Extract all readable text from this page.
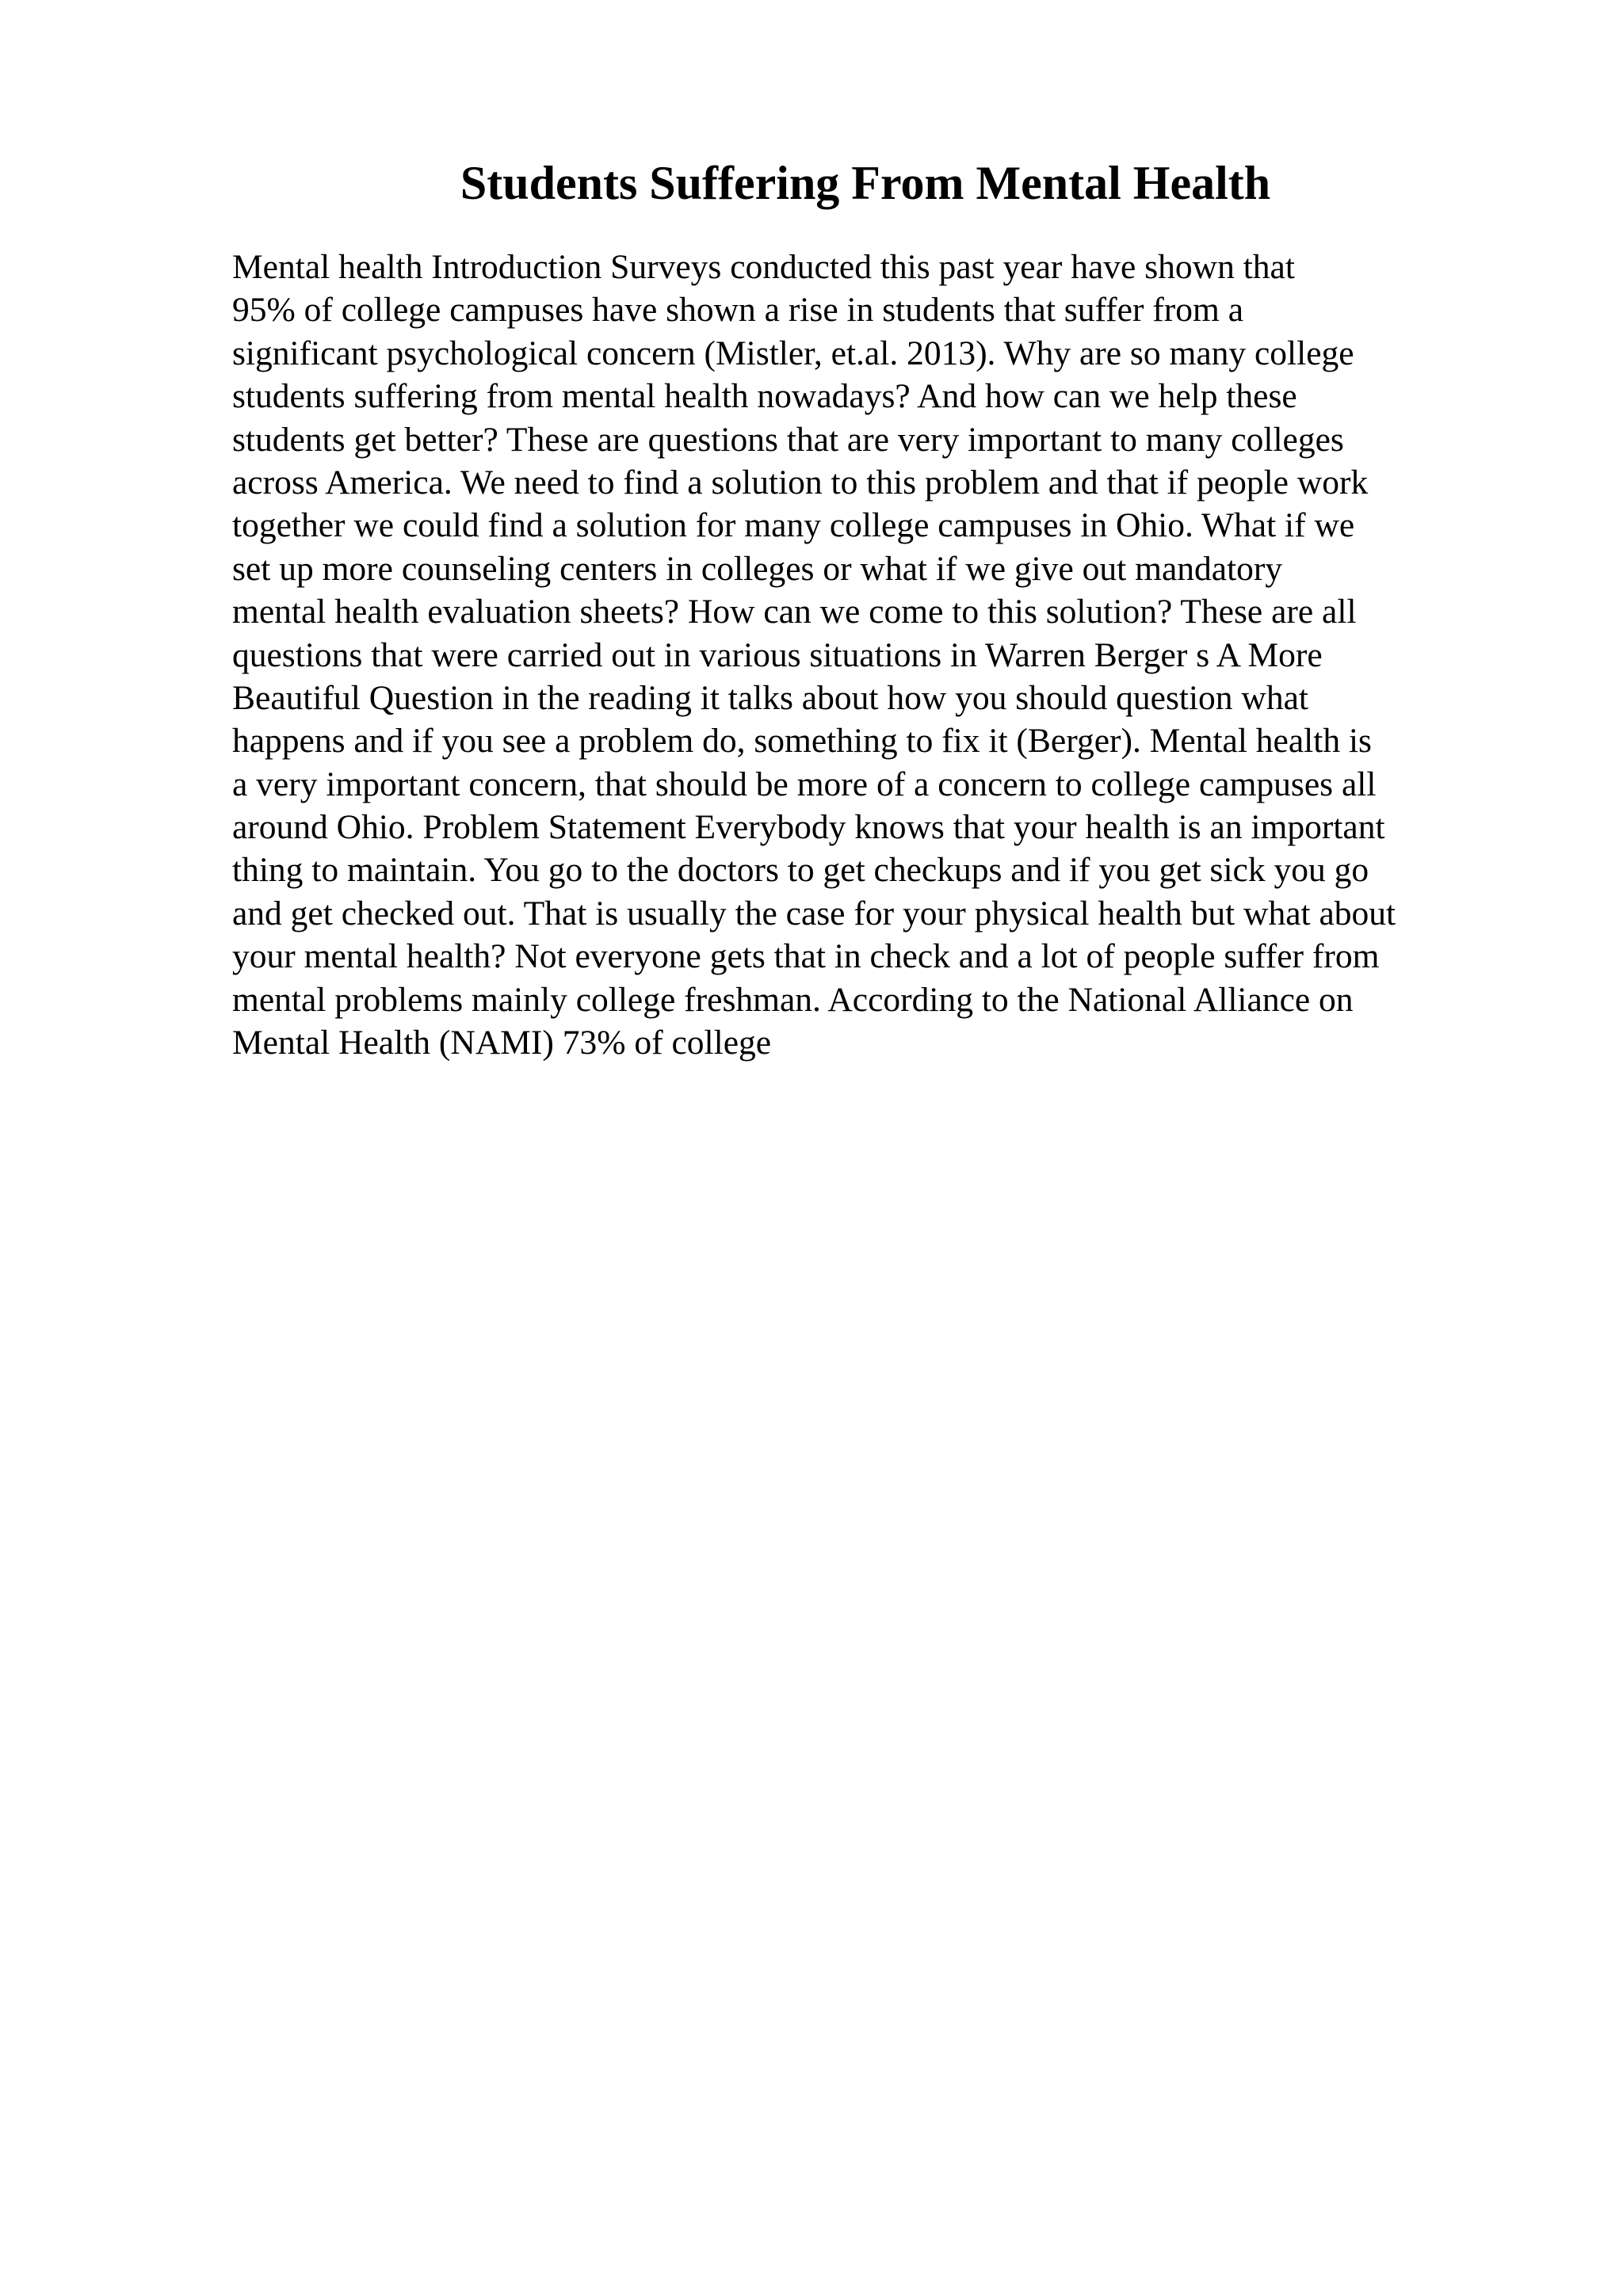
Students Suffering From Mental Health
Mental health Introduction Surveys conducted this past year have shown that
95% of college campuses have shown a rise in students that suffer from a
significant psychological concern (Mistler, et.al. 2013). Why are so many college
students suffering from mental health nowadays? And how can we help these
students get better? These are questions that are very important to many colleges
across America. We need to find a solution to this problem and that if people work
together we could find a solution for many college campuses in Ohio. What if we
set up more counseling centers in colleges or what if we give out mandatory
mental health evaluation sheets? How can we come to this solution? These are all
questions that were carried out in various situations in Warren Berger s A More
Beautiful Question in the reading it talks about how you should question what
happens and if you see a problem do, something to fix it (Berger). Mental health is
a very important concern, that should be more of a concern to college campuses all
around Ohio. Problem Statement Everybody knows that your health is an important
thing to maintain. You go to the doctors to get checkups and if you get sick you go
and get checked out. That is usually the case for your physical health but what about
your mental health? Not everyone gets that in check and a lot of people suffer from
mental problems mainly college freshman. According to the National Alliance on
Mental Health (NAMI) 73% of college
